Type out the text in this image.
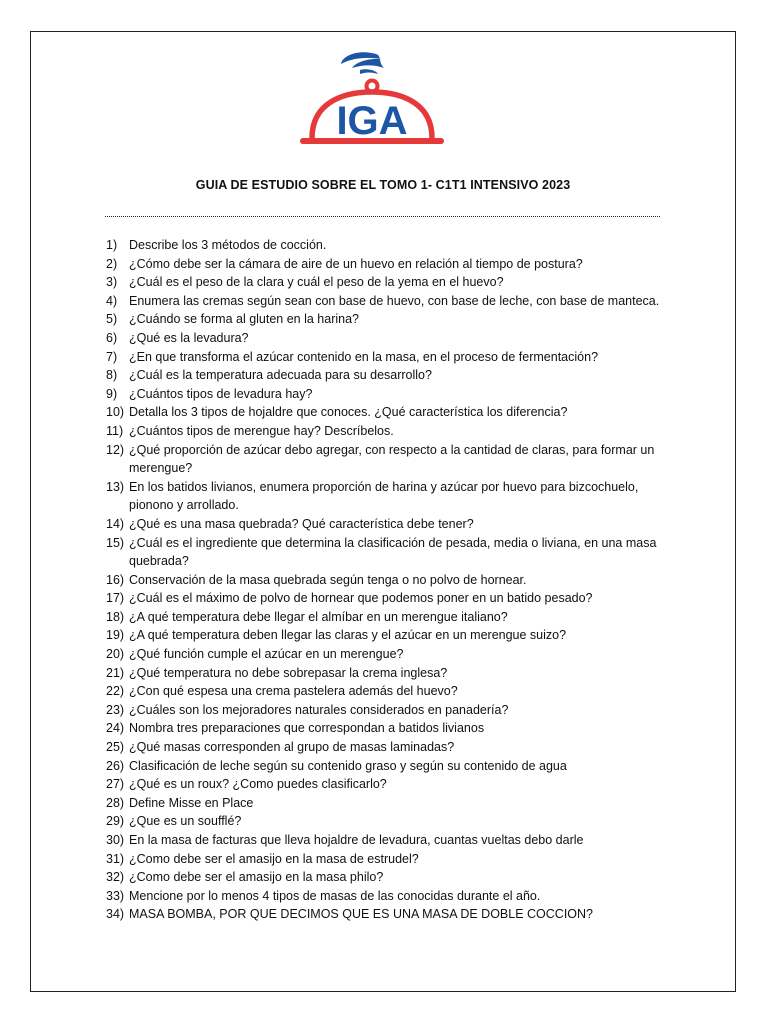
IGA
GUIA DE ESTUDIO SOBRE EL TOMO 1- C1T1 INTENSIVO 2023
1) Describe los 3 métodos de cocción.
2) ¿Cómo debe ser la cámara de aire de un huevo en relación al tiempo de postura?
3) ¿Cuál es el peso de la clara y cuál el peso de la yema en el huevo?
4) Enumera las cremas según sean con base de huevo, con base de leche, con base de manteca.
5) ¿Cuándo se forma al gluten en la harina?
6) ¿Qué es la levadura?
7) ¿En que transforma el azúcar contenido en la masa, en el proceso de fermentación?
8) ¿Cuál es la temperatura adecuada para su desarrollo?
9) ¿Cuántos tipos de levadura hay?
10) Detalla los 3 tipos de hojaldre que conoces. ¿Qué característica los diferencia?
11) ¿Cuántos tipos de merengue hay? Descríbelos.
12) ¿Qué proporción de azúcar debo agregar, con respecto a la cantidad de claras, para formar un merengue?
13) En los batidos livianos, enumera proporción de harina y azúcar por huevo para bizcochuelo, pionono y arrollado.
14) ¿Qué es una masa quebrada? Qué característica debe tener?
15) ¿Cuál es el ingrediente que determina la clasificación de pesada, media o liviana, en una masa quebrada?
16) Conservación de la masa quebrada según tenga o no polvo de hornear.
17) ¿Cuál es el máximo de polvo de hornear que podemos poner en un batido pesado?
18) ¿A qué temperatura debe llegar el almíbar en un merengue italiano?
19) ¿A qué temperatura deben llegar las claras y el azúcar en un merengue suizo?
20) ¿Qué función cumple el azúcar en un merengue?
21) ¿Qué temperatura no debe sobrepasar la crema inglesa?
22) ¿Con qué espesa una crema pastelera además del huevo?
23) ¿Cuáles son los mejoradores naturales considerados en panadería?
24) Nombra tres preparaciones que correspondan a batidos livianos
25) ¿Qué masas corresponden al grupo de masas laminadas?
26) Clasificación de leche según su contenido graso y según su contenido de agua
27) ¿Qué es un roux? ¿Como puedes clasificarlo?
28) Define Misse en Place
29) ¿Que es un soufflé?
30) En la masa de facturas que lleva hojaldre de levadura, cuantas vueltas debo darle
31) ¿Como debe ser el amasijo en la masa de estrudel?
32) ¿Como debe ser el amasijo en la masa philo?
33) Mencione por lo menos 4 tipos de masas de las conocidas durante el año.
34) MASA BOMBA, POR QUE DECIMOS QUE ES UNA MASA DE DOBLE COCCION?
